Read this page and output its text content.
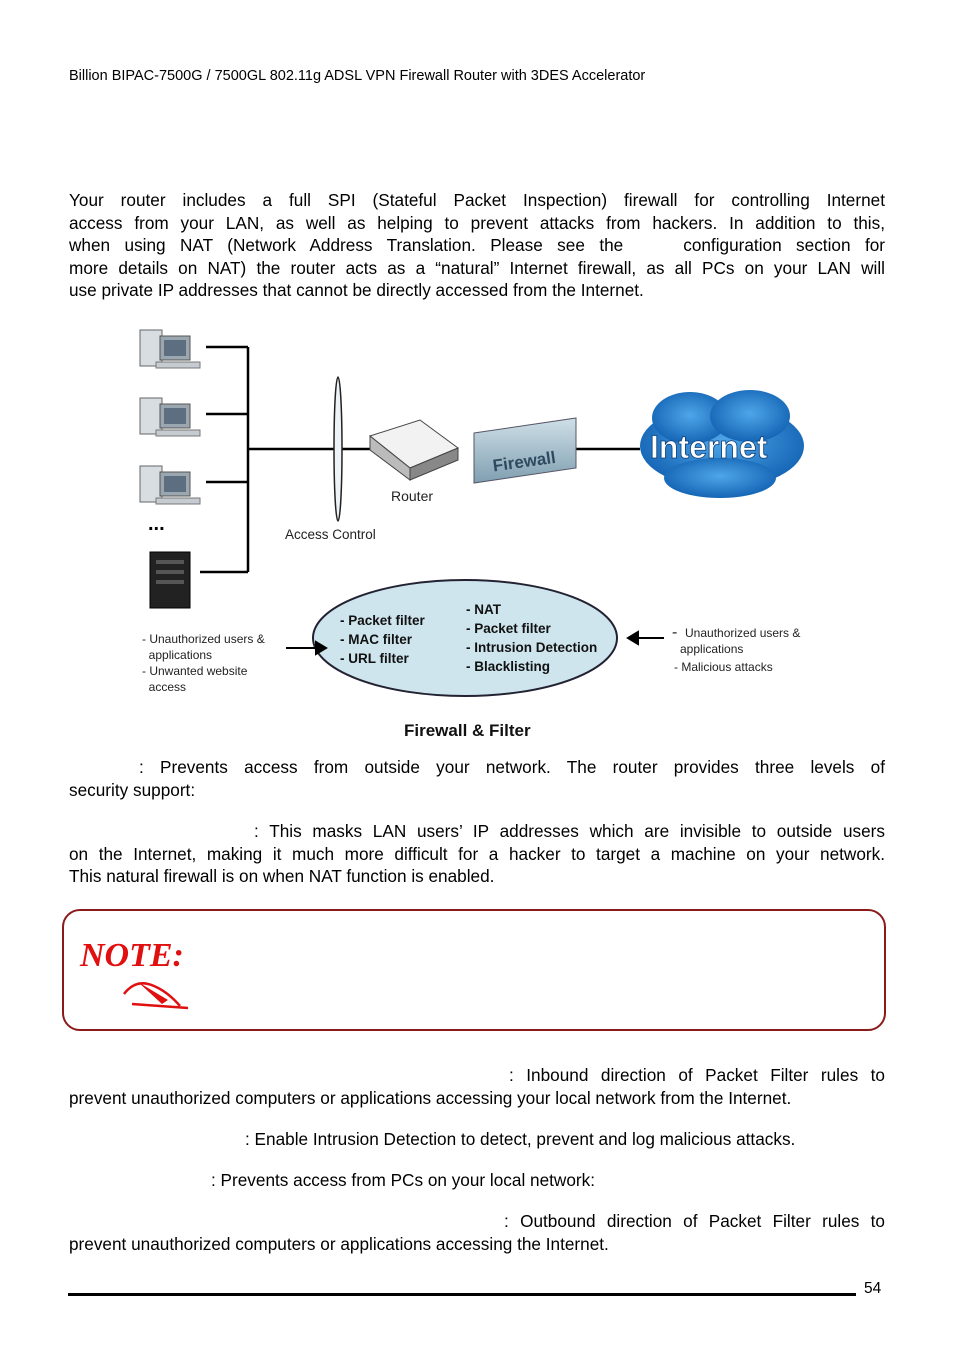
Billion BIPAC-7500G / 7500GL 802.11g ADSL VPN Firewall Router with 3DES Accelerator

Your router includes a full SPI (Stateful Packet Inspection) firewall for controlling Internet

access from your LAN, as well as helping to prevent attacks from hackers. In addition to this,

when using NAT (Network Address Translation. Please see the	configuration section for

more details on NAT) the router acts as a “natural” Internet firewall, as all PCs on your LAN will

use private IP addresses that cannot be directly accessed from the Internet.

...	Access Control
Router
Firewall	Internet
- Packet filter
- MAC filter
- URL filter
- NAT
- Packet filter
- Intrusion Detection
- Blacklisting
- Unauthorized users &
applications
- Unwanted website
access
- Unauthorized users &
applications
- Malicious attacks
Firewall & Filter

: Prevents access from outside your network. The router provides three levels of

security support:

: This masks LAN users’ IP addresses which are invisible to outside users

on the Internet, making it much more difficult for a hacker to target a machine on your network.

This natural firewall is on when NAT function is enabled.

NOTE:

: Inbound direction of Packet Filter rules to

prevent unauthorized computers or applications accessing your local network from the Internet.

: Enable Intrusion Detection to detect, prevent and log malicious attacks.

: Prevents access from PCs on your local network:

: Outbound direction of Packet Filter rules to

prevent unauthorized computers or applications accessing the Internet.

54
